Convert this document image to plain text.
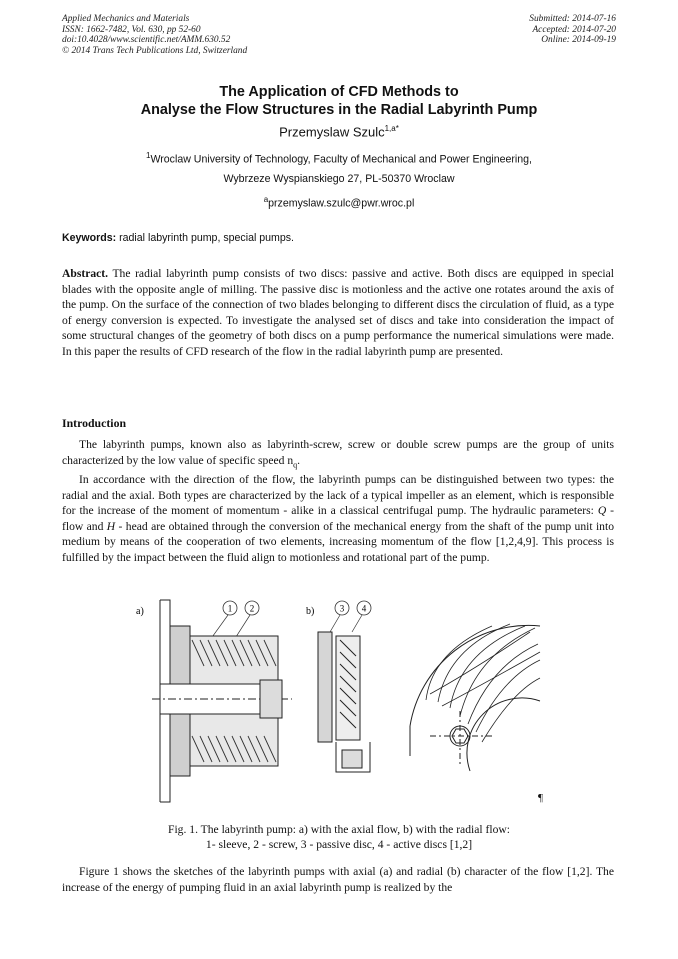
Applied Mechanics and Materials
ISSN: 1662-7482, Vol. 630, pp 52-60
doi:10.4028/www.scientific.net/AMM.630.52
© 2014 Trans Tech Publications Ltd, Switzerland
Submitted: 2014-07-16
Accepted: 2014-07-20
Online: 2014-09-19
The Application of CFD Methods to
Analyse the Flow Structures in the Radial Labyrinth Pump
Przemyslaw Szulc$^{1,a*}$
$^1$Wroclaw University of Technology, Faculty of Mechanical and Power Engineering,
Wybrzeze Wyspianskiego 27, PL-50370 Wroclaw
$^a$przemyslaw.szulc@pwr.wroc.pl
Keywords: radial labyrinth pump, special pumps.
Abstract. The radial labyrinth pump consists of two discs: passive and active. Both discs are equipped in special blades with the opposite angle of milling. The passive disc is motionless and the active one rotates around the axis of the pump. On the surface of the connection of two blades belonging to different discs the circulation of fluid, as a type of energy conversion is expected. To investigate the analysed set of discs and take into consideration the impact of some structural changes of the geometry of both discs on a pump performance the numerical simulations were made. In this paper the results of CFD research of the flow in the radial labyrinth pump are presented.
Introduction

The labyrinth pumps, known also as labyrinth-screw, screw or double screw pumps are the group of units characterized by the low value of specific speed $n_q$.

In accordance with the direction of the flow, the labyrinth pumps can be distinguished between two types: the radial and the axial. Both types are characterized by the lack of a typical impeller as an element, which is responsible for the increase of the moment of momentum - alike in a classical centrifugal pump. The hydraulic parameters: Q - flow and H - head are obtained through the conversion of the mechanical energy from the shaft of the pump unit into medium by means of the cooperation of two elements, increasing momentum of the flow [1,2,4,9]. This process is fulfilled by the impact between the fluid align to motionless and rotational part of the pump.

a)	1 2	b)	3 4
¶
Fig. 1. The labyrinth pump: a) with the axial flow, b) with the radial flow:
1- sleeve, 2 - screw, 3 - passive disc, 4 - active discs [1,2]

Figure 1 shows the sketches of the labyrinth pumps with axial (a) and radial (b) character of the flow [1,2]. The increase of the energy of pumping fluid in an axial labyrinth pump is realized by the
